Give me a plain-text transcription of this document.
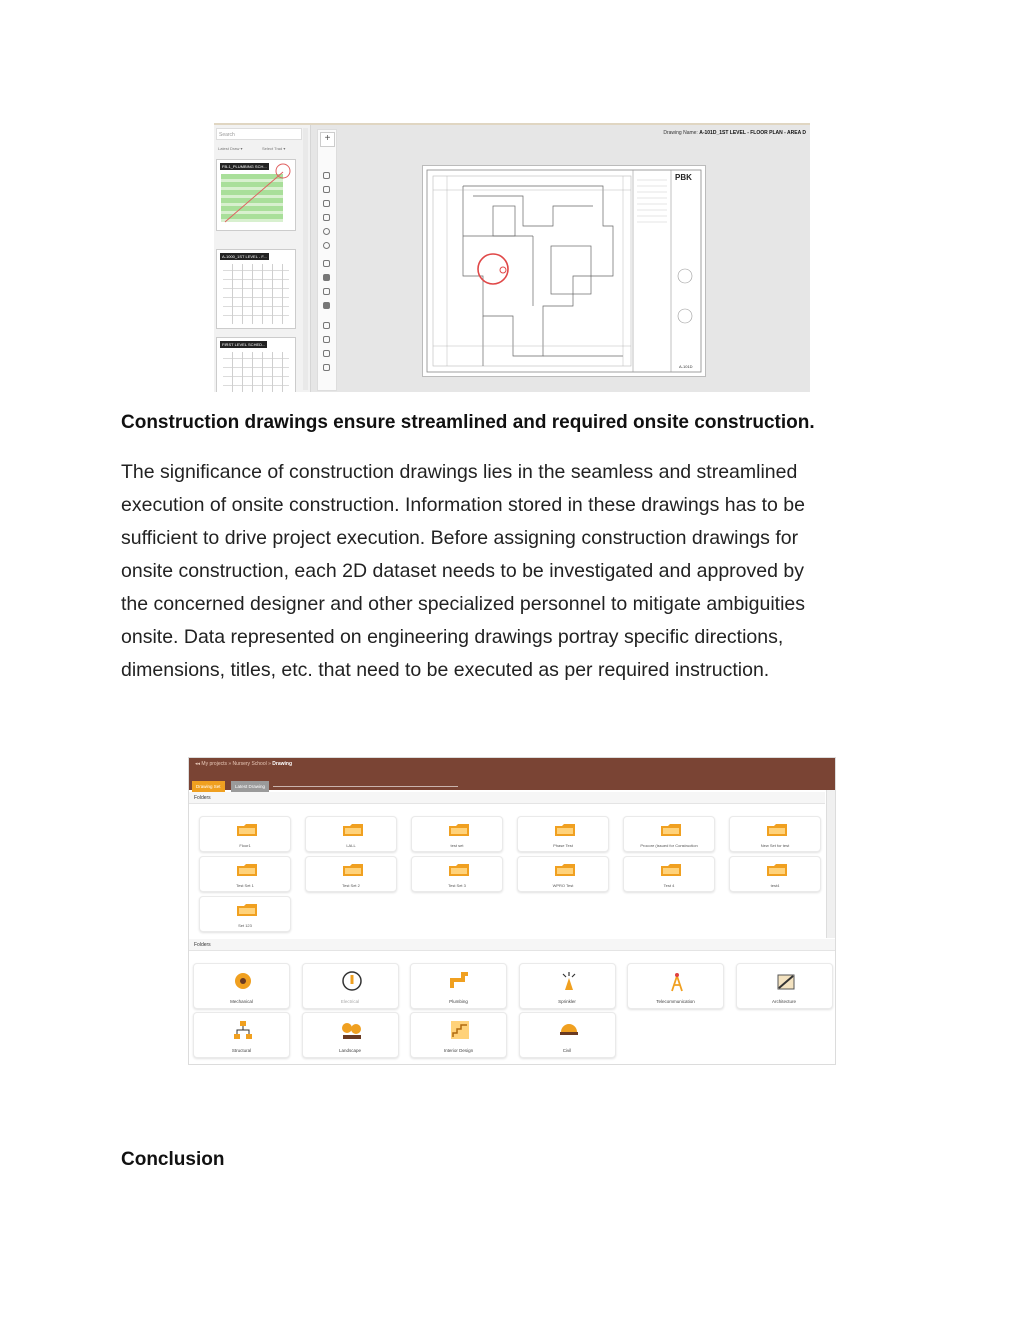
Search
Latest Draw ▾	Select Trad ▾
FB-1_PLUMBING SCH...
A-1000_1ST LEVEL - F...
FIRST LEVEL SCHED...
+	Drawing Name: A-101D_1ST LEVEL - FLOOR PLAN - AREA D
PBK
A-101D
Construction drawings ensure streamlined and required onsite construction.

The significance of construction drawings lies in the seamless and streamlined
execution of onsite construction. Information stored in these drawings has to be
sufficient to drive project execution. Before assigning construction drawings for
onsite construction, each 2D dataset needs to be investigated and approved by
the concerned designer and other specialized personnel to mitigate ambiguities
onsite. Data represented on engineering drawings portray specific directions,
dimensions, titles, etc. that need to be executed as per required instruction.

◂◂ My projects » Nursery School » Drawing
Drawing Set	Latest Drawing
Folders
Floor1	LALL	test set	Phase Test	Procore (issued for Construction	New Set for test
Test Set 1	Test Set 2	Test Set 3	WPRO Test	Test 4	test4
Set 123
Folders
Mechanical	Electrical	Plumbing	Sprinkler	Telecommunication	Architecture
Structural	Landscape	Interior Design	Civil
Conclusion
